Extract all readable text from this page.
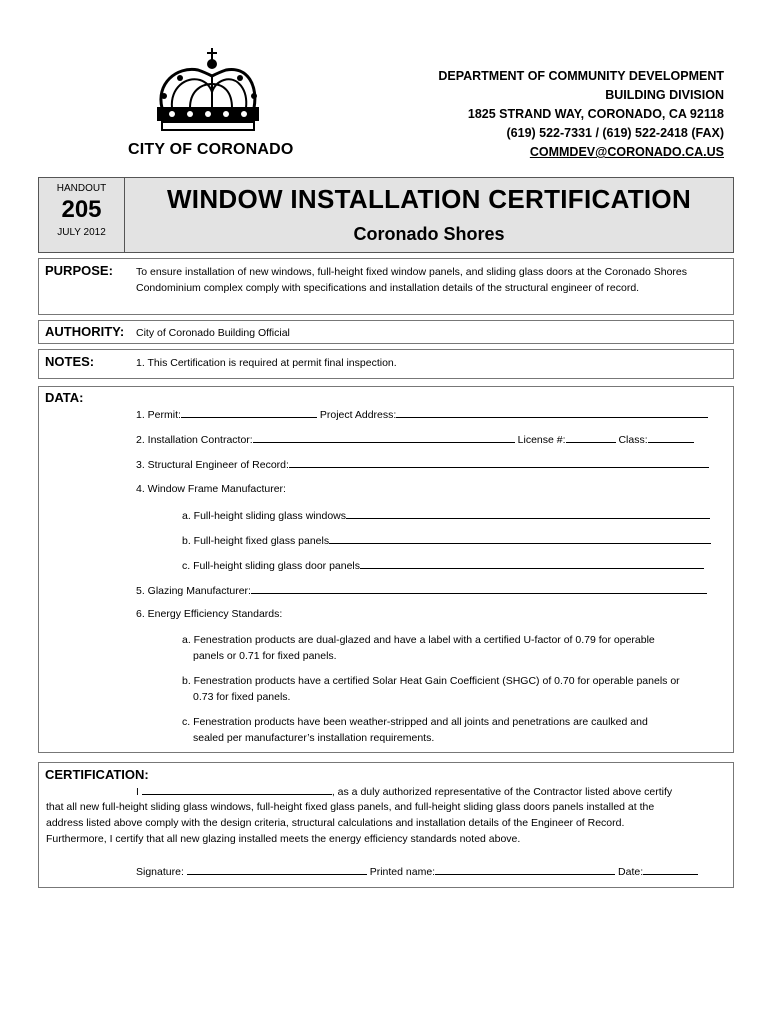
CITY OF CORONADO
DEPARTMENT OF COMMUNITY DEVELOPMENT
BUILDING DIVISION
1825 STRAND WAY, CORONADO, CA 92118
(619) 522-7331 / (619) 522-2418 (FAX)
COMMDEV@CORONADO.CA.US
HANDOUT
205
JULY 2012
WINDOW INSTALLATION CERTIFICATION
Coronado Shores
PURPOSE: To ensure installation of new windows, full-height fixed window panels, and sliding glass doors at the Coronado Shores Condominium complex comply with specifications and installation details of the structural engineer of record.
AUTHORITY: City of Coronado Building Official
NOTES:	1. This Certification is required at permit final inspection.
DATA:
1. Permit:	Project Address:
2. Installation Contractor:	License #:	Class:
3. Structural Engineer of Record:
4. Window Frame Manufacturer:
a. Full-height sliding glass windows
b. Full-height fixed glass panels
c. Full-height sliding glass door panels
5. Glazing Manufacturer:
6. Energy Efficiency Standards:
a. Fenestration products are dual-glazed and have a label with a certified U-factor of 0.79 for operable
panels or 0.71 for fixed panels.
b. Fenestration products have a certified Solar Heat Gain Coefficient (SHGC) of 0.70 for operable panels or
0.73 for fixed panels.
c. Fenestration products have been weather-stripped and all joints and penetrations are caulked and
sealed per manufacturer’s installation requirements.
CERTIFICATION:
I	, as a duly authorized representative of the Contractor listed above certify
that all new full-height sliding glass windows, full-height fixed glass panels, and full-height sliding glass doors panels installed at the
address listed above comply with the design criteria, structural calculations and installation details of the Engineer of Record.
Furthermore, I certify that all new glazing installed meets the energy efficiency standards noted above.
Signature:	Printed name:	Date:
